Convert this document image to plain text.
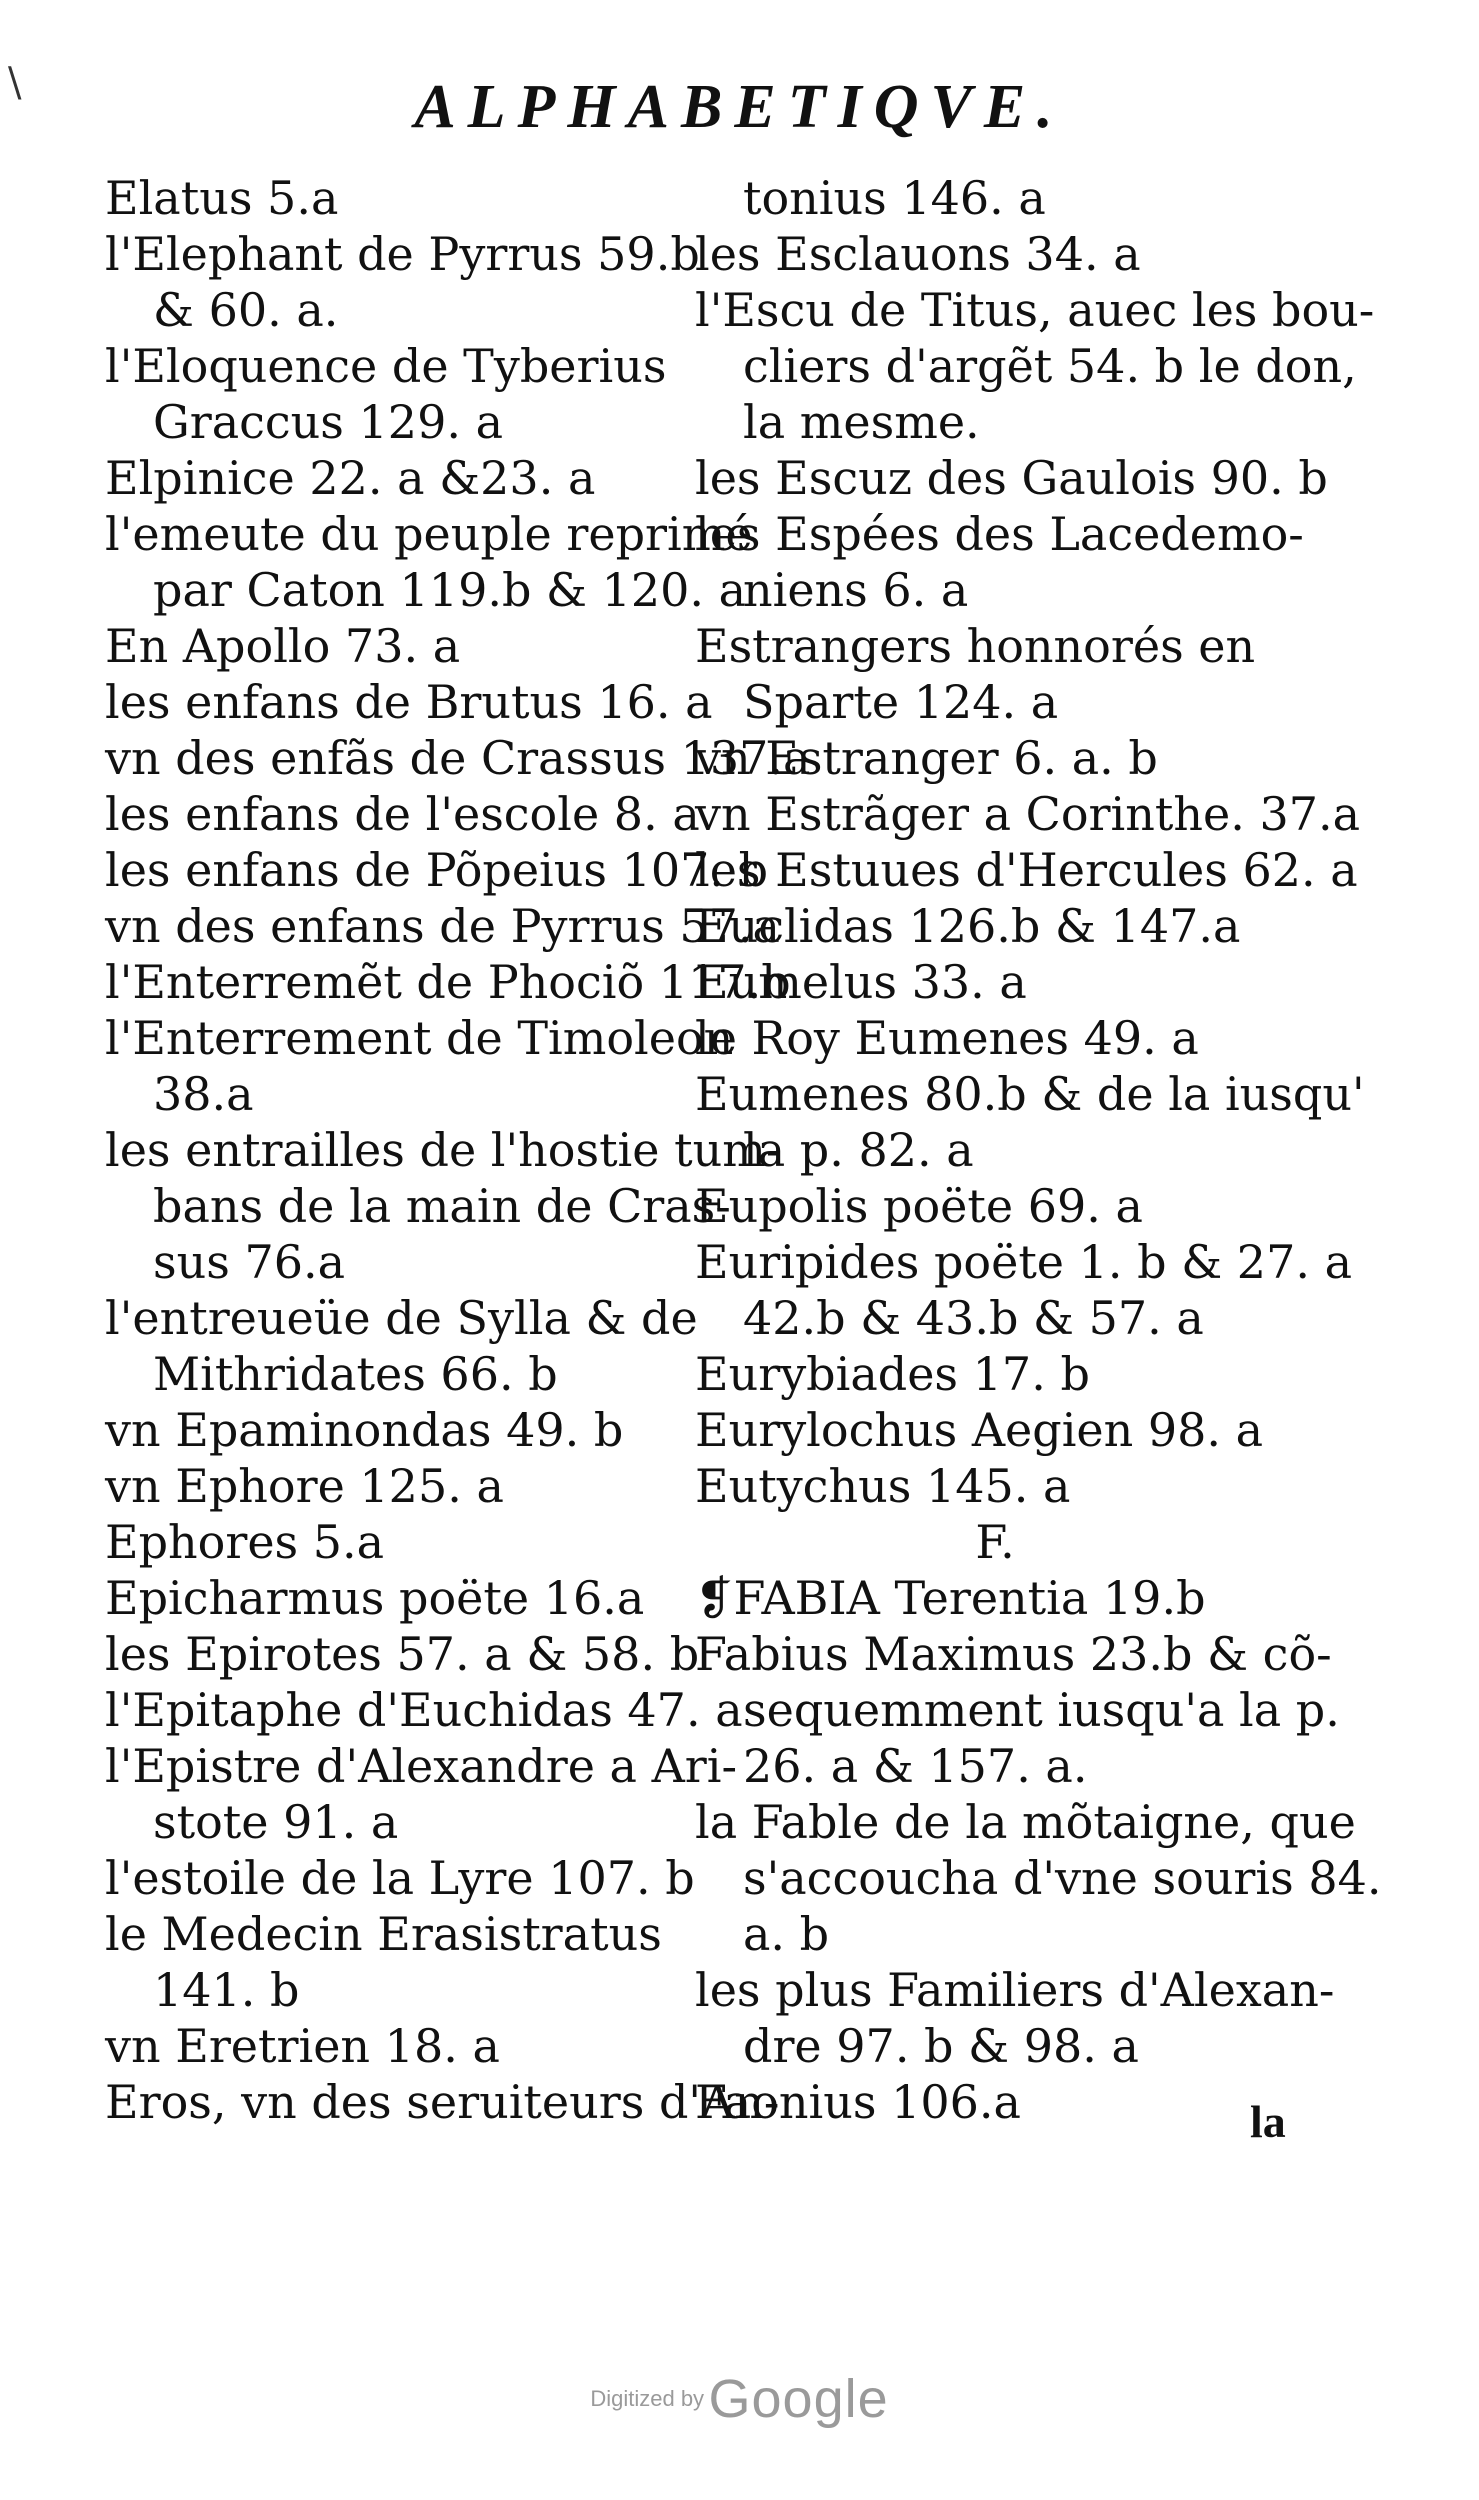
\	ALPHABETIQVE.
Elatus 5.a
l'Elephant de Pyrrus 59.b
& 60. a.
l'Eloquence de Tyberius
Graccus 129. a
Elpinice 22. a &23. a
l'emeute du peuple reprimé
par Caton 119.b & 120. a
En Apollo 73. a
les enfans de Brutus 16. a
vn des enfãs de Crassus 137.a
les enfans de l'escole 8. a
les enfans de Põpeius 107. b
vn des enfans de Pyrrus 57.a
l'Enterremẽt de Phociõ 117.b
l'Enterrement de Timoleon
38.a
les entrailles de l'hostie tum-
bans de la main de Cras-
sus 76.a
l'entreueüe de Sylla & de
Mithridates 66. b
vn Epaminondas 49. b
vn Ephore 125. a
Ephores 5.a
Epicharmus poëte 16.a
les Epirotes 57. a & 58. b
l'Epitaphe d'Euchidas 47. a
l'Epistre d'Alexandre a Ari-
stote 91. a
l'estoile de la Lyre 107. b
le Medecin Erasistratus
141. b
vn Eretrien 18. a
Eros, vn des seruiteurs d'An-
tonius 146. a
les Esclauons 34. a
l'Escu de Titus, auec les bou-
cliers d'argẽt 54. b le don,
la mesme.
les Escuz des Gaulois 90. b
les Espées des Lacedemo-
niens 6. a
Estrangers honnorés en
Sparte 124. a
vn Estranger 6. a. b
vn Estrãger a Corinthe. 37.a
les Estuues d'Hercules 62. a
Euclidas 126.b & 147.a
Eumelus 33. a
le Roy Eumenes 49. a
Eumenes 80.b & de la iusqu'
la p. 82. a
Eupolis poëte 69. a
Euripides poëte 1. b & 27. a
42.b & 43.b & 57. a
Eurybiades 17. b
Eurylochus Aegien 98. a
Eutychus 145. a
F.
❡FABIA Terentia 19.b
Fabius Maximus 23.b & cõ-
sequemment iusqu'a la p.
26. a & 157. a.
la Fable de la mõtaigne, que
s'accoucha d'vne souris 84.
a. b
les plus Familiers d'Alexan-
dre 97. b & 98. a
Faonius 106.a	la
Digitized by Google
